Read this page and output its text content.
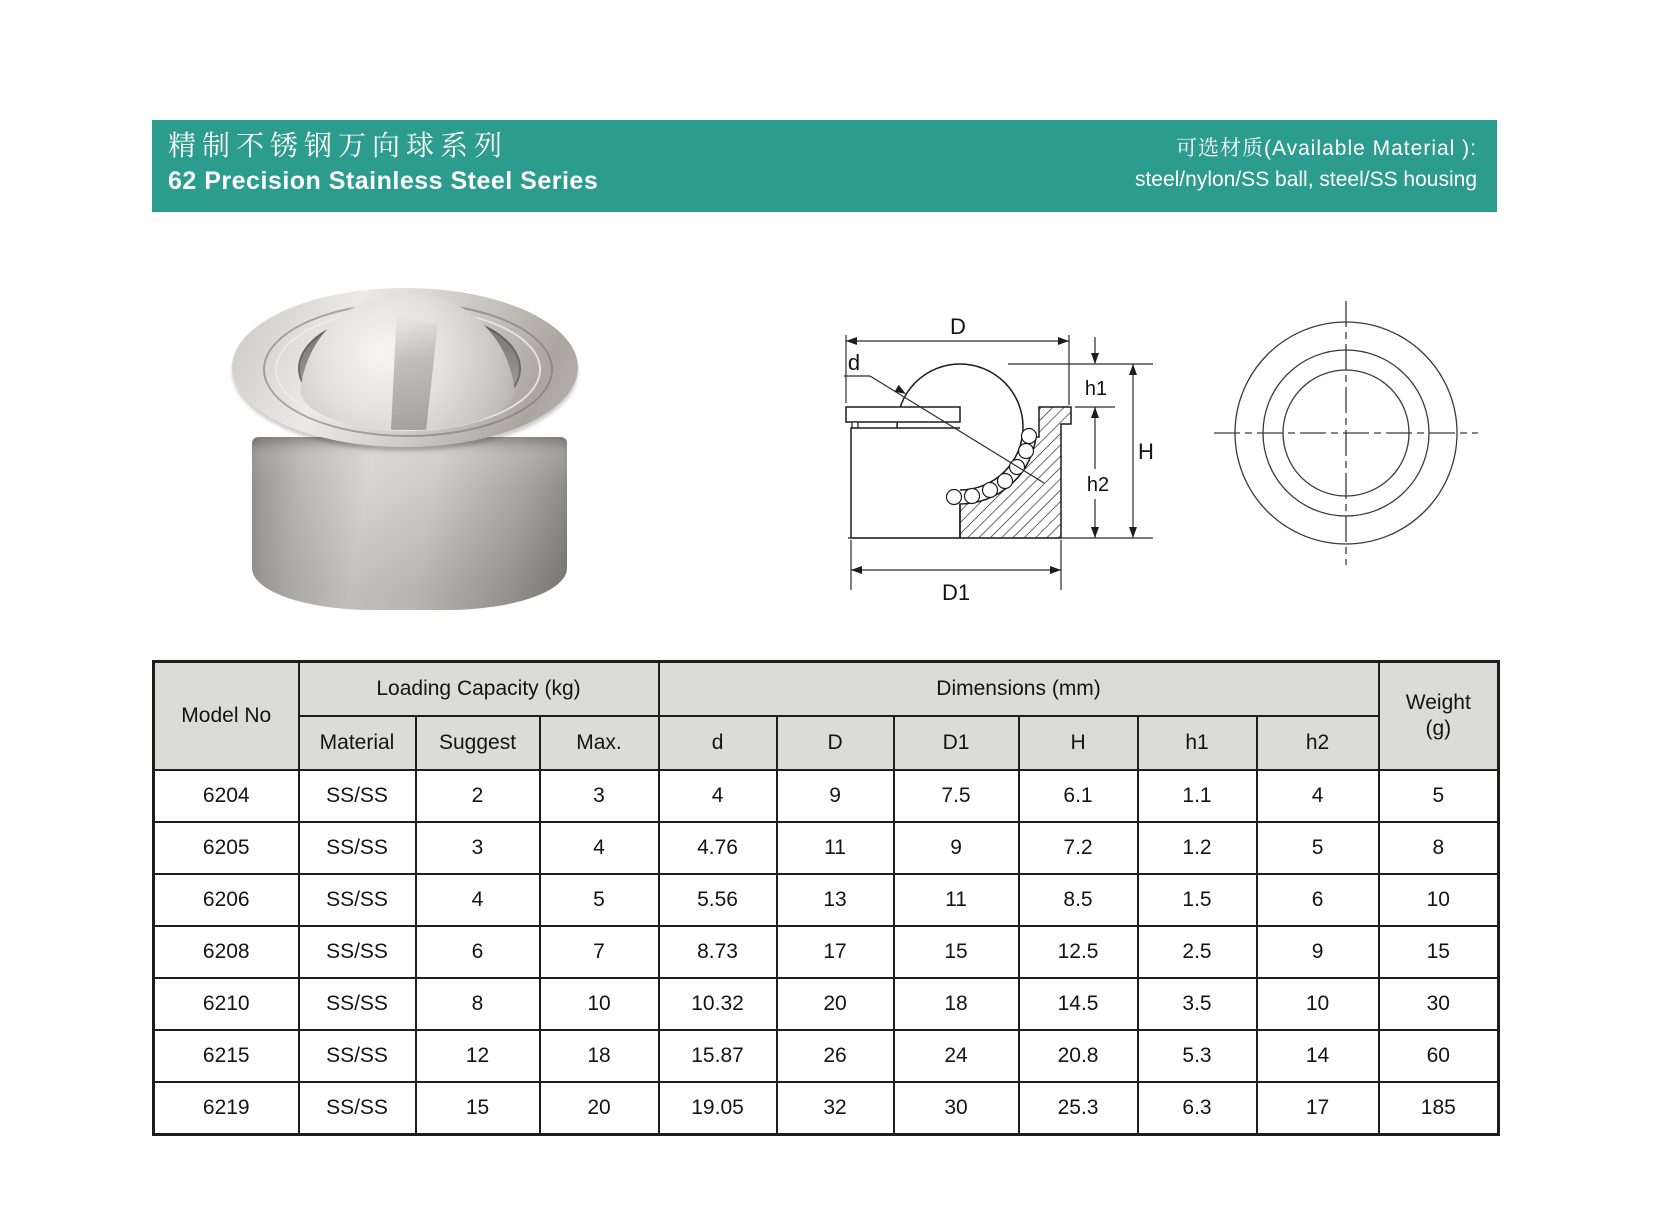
精制不锈钢万向球系列
62 Precision Stainless Steel Series
可选材质(Available Material ):
steel/nylon/SS ball, steel/SS housing
D
d
h1
H
h2
D1
Model No	Loading Capacity (kg)			Dimensions (mm)						Weight
(g)

	Material	Suggest	Max.	d	D	D1	H	h1	h2	
6204	SS/SS	2	3	4	9	7.5	6.1	1.1	4	5
6205	SS/SS	3	4	4.76	11	9	7.2	1.2	5	8
6206	SS/SS	4	5	5.56	13	11	8.5	1.5	6	10
6208	SS/SS	6	7	8.73	17	15	12.5	2.5	9	15
6210	SS/SS	8	10	10.32	20	18	14.5	3.5	10	30
6215	SS/SS	12	18	15.87	26	24	20.8	5.3	14	60
6219	SS/SS	15	20	19.05	32	30	25.3	6.3	17	185
